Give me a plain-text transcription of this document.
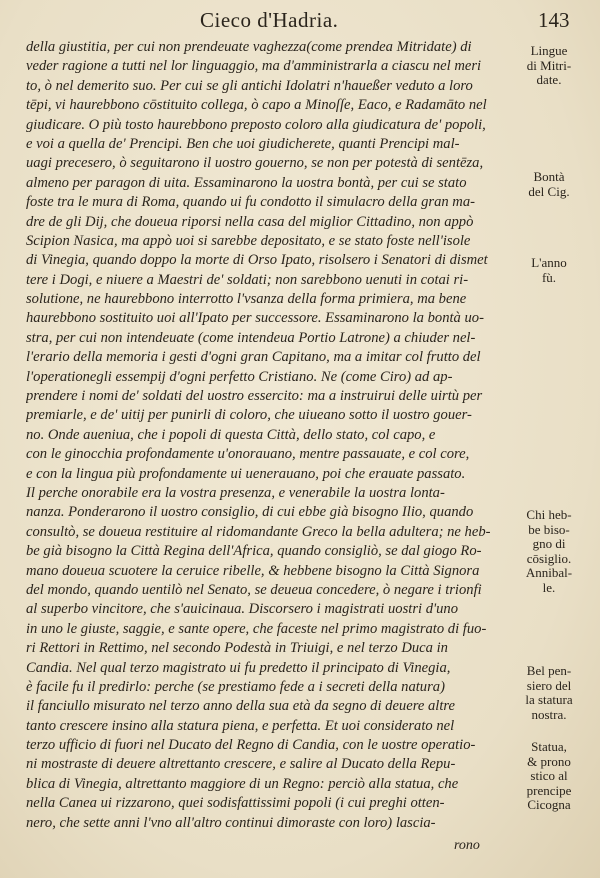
Cieco d'Hadria.	143
della giustitia, per cui non prendeuate vaghezza(come prendea Mitridate) di
veder ragione a tutti nel lor linguaggio, ma d'amministrarla a ciascu nel meri
to, ò nel demerito suo. Per cui se gli antichi Idolatri n'haueßer veduto a loro
tēpi, vi haurebbono cōstituito collega, ò capo a Minoſſe, Eaco, e Radamāto nel
giudicare. O più tosto haurebbono preposto coloro alla giudicatura de' popoli,
e voi a quella de' Prencipi. Ben che uoi giudicherete, quanti Prencipi mal-
uagi precesero, ò seguitarono il uostro gouerno, se non per potestà di sentēza,
almeno per paragon di uita. Essaminarono la uostra bontà, per cui se stato
foste tra le mura di Roma, quando ui fu condotto il simulacro della gran ma-
dre de gli Dij, che doueua riporsi nella casa del miglior Cittadino, non appò
Scipion Nasica, ma appò uoi si sarebbe depositato, e se stato foste nell'isole
di Vinegia, quando doppo la morte di Orso Ipato, risolsero i Senatori di dismet
tere i Dogi, e niuere a Maestri de' soldati; non sarebbono uenuti in cotai ri-
solutione, ne haurebbono interrotto l'vsanza della forma primiera, ma bene
haurebbono sostituito uoi all'Ipato per successore. Essaminarono la bontà uo-
stra, per cui non intendeuate (come intendeua Portio Latrone) a chiuder nel-
l'erario della memoria i gesti d'ogni gran Capitano, ma a imitar col frutto del
l'operationegli essempij d'ogni perfetto Cristiano. Ne (come Ciro) ad ap-
prendere i nomi de' soldati del uostro essercito: ma a instruirui delle uirtù per
premiarle, e de' uitij per punirli di coloro, che uiueano sotto il uostro gouer-
no. Onde aueniua, che i popoli di questa Città, dello stato, col capo, e
con le ginocchia profondamente u'onorauano, mentre passauate, e col core,
e con la lingua più profondamente ui uenerauano, poi che erauate passato.
Il perche onorabile era la vostra presenza, e venerabile la uostra lonta-
nanza. Ponderarono il uostro consiglio, di cui ebbe già bisogno Ilio, quando
consultò, se doueua restituire al ridomandante Greco la bella adultera; ne heb-
be già bisogno la Città Regina dell'Africa, quando consigliò, se dal giogo Ro-
mano doueua scuotere la ceruice ribelle, & hebbene bisogno la Città Signora
del mondo, quando uentilò nel Senato, se deueua concedere, ò negare i trionfi
al superbo vincitore, che s'auicinaua. Discorsero i magistrati uostri d'uno
in uno le giuste, saggie, e sante opere, che faceste nel primo magistrato di fuo-
ri Rettori in Rettimo, nel secondo Podestà in Triuigi, e nel terzo Duca in
Candia. Nel qual terzo magistrato ui fu predetto il principato di Vinegia,
è facile fu il predirlo: perche (se prestiamo fede a i secreti della natura)
il fanciullo misurato nel terzo anno della sua età da segno di deuere altre
tanto crescere insino alla statura piena, e perfetta. Et uoi considerato nel
terzo ufficio di fuori nel Ducato del Regno di Candia, con le uostre operatio-
ni mostraste di deuere altrettanto crescere, e salire al Ducato della Repu-
blica di Vinegia, altrettanto maggiore di un Regno: perciò alla statua, che
nella Canea ui rizzarono, quei sodisfattissimi popoli (i cui preghi otten-
nero, che sette anni l'vno all'altro continui dimoraste con loro) lascia-
rono
Lingue
di Mitri-
date.
Bontà
del Cig.
L'anno
fù.
Chi heb-
be biso-
gno di
cōsiglio.
Annibal-
le.
Bel pen-
siero del
la statura
nostra.
Statua,
& prono
stico al
prencipe
Cicogna
